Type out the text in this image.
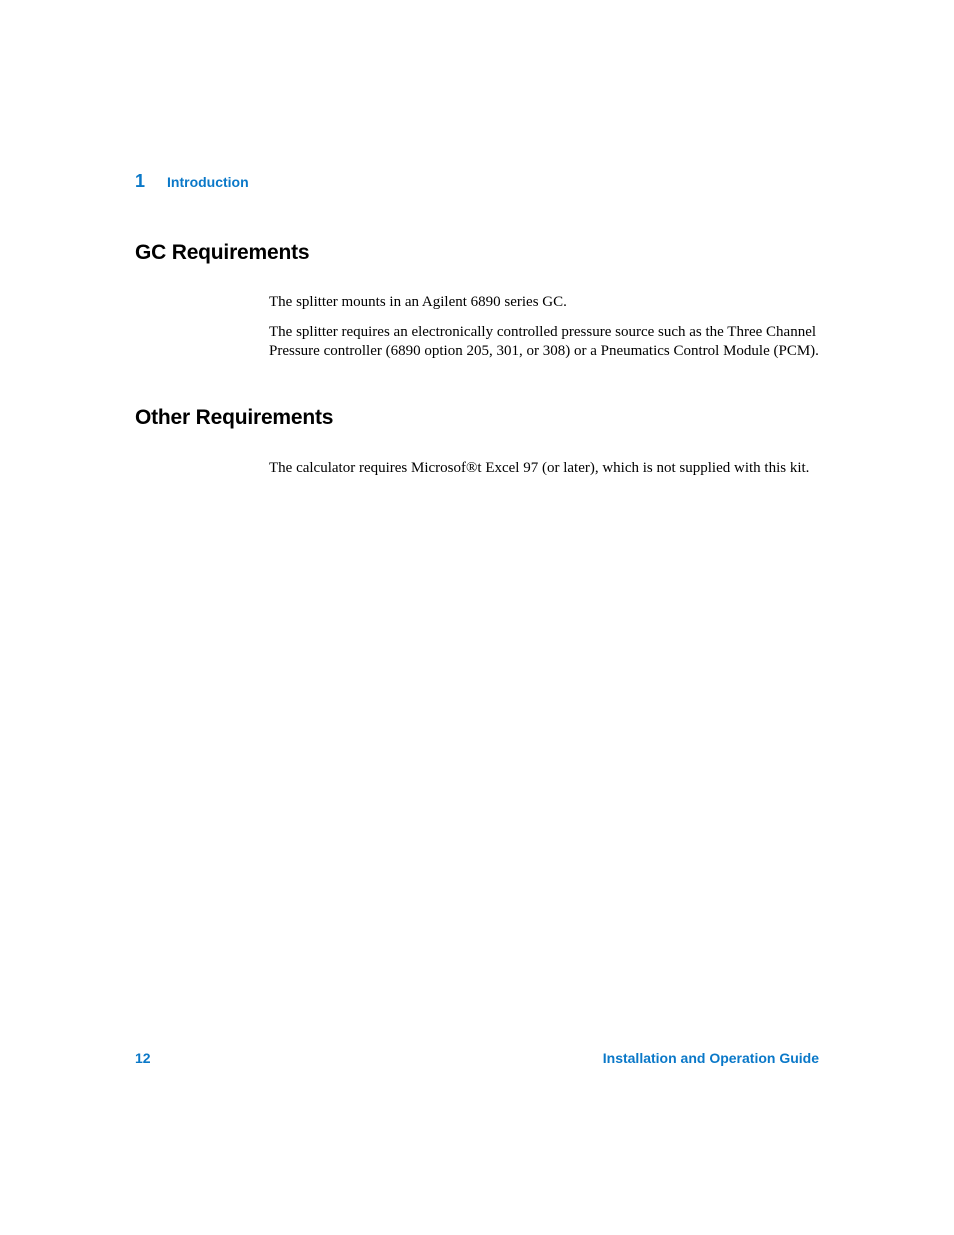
1 Introduction
GC Requirements

The splitter mounts in an Agilent 6890 series GC.

The splitter requires an electronically controlled pressure source such as the Three Channel Pressure controller (6890 option 205, 301, or 308) or a Pneumatics Control Module (PCM).

Other Requirements

The calculator requires Microsof®t Excel 97 (or later), which is not supplied with this kit.

12	Installation and Operation Guide
